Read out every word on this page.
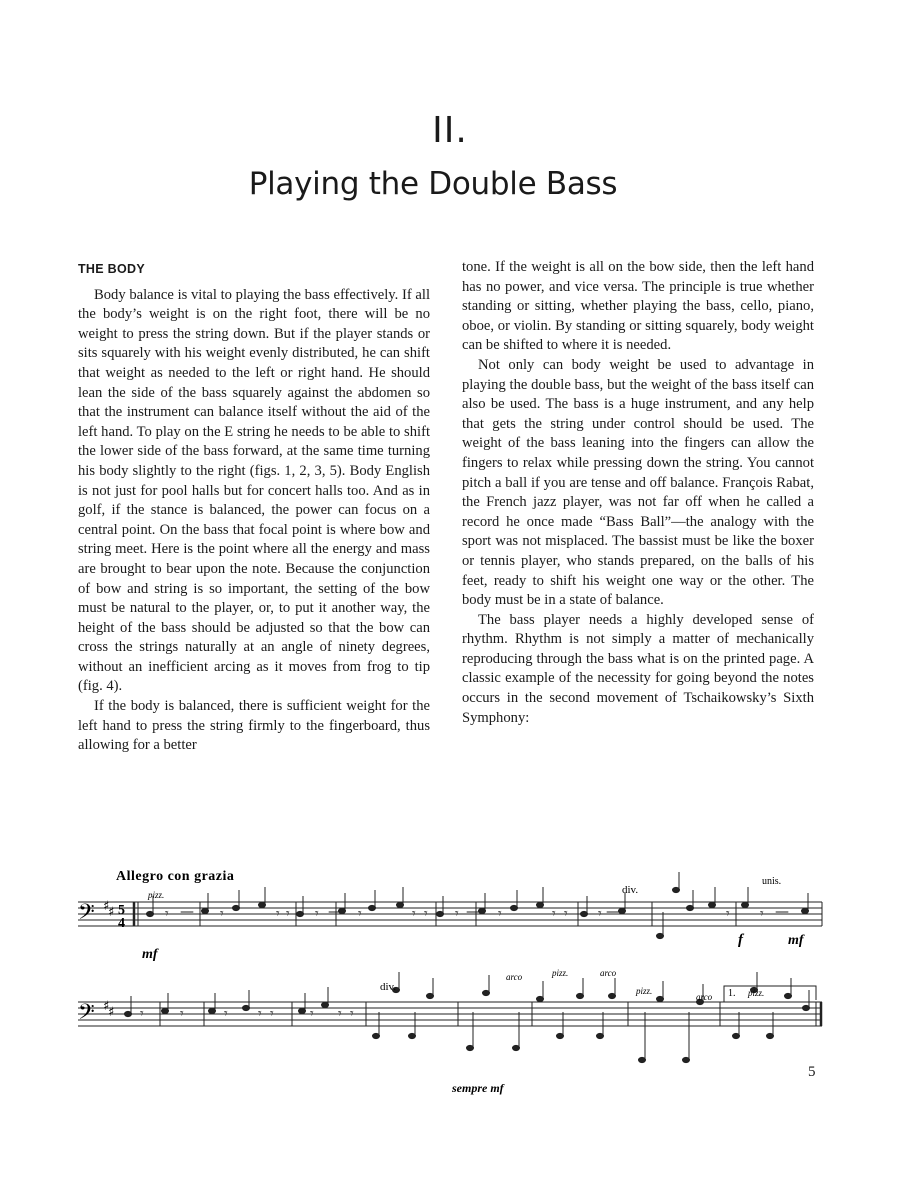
II.
Playing the Double Bass
THE BODY

Body balance is vital to playing the bass effectively. If all the body’s weight is on the right foot, there will be no weight to press the string down. But if the player stands or sits squarely with his weight evenly distributed, he can shift that weight as needed to the left or right hand. He should lean the side of the bass squarely against the abdomen so that the instrument can balance itself without the aid of the left hand. To play on the E string he needs to be able to shift the lower side of the bass forward, at the same time turning his body slightly to the right (figs. 1, 2, 3, 5). Body English is not just for pool halls but for concert halls too. And as in golf, if the stance is balanced, the power can focus on a central point. On the bass that focal point is where bow and string meet. Here is the point where all the energy and mass are brought to bear upon the note. Because the conjunction of bow and string is so important, the setting of the bow must be natural to the player, or, to put it another way, the height of the bass should be adjusted so that the bow can cross the strings naturally at an angle of ninety degrees, without an inefficient arcing as it moves from frog to tip (fig. 4).

If the body is balanced, there is sufficient weight for the left hand to press the string firmly to the fingerboard, thus allowing for a better

tone. If the weight is all on the bow side, then the left hand has no power, and vice versa. The principle is true whether standing or sitting, whether playing the bass, cello, piano, oboe, or violin. By standing or sitting squarely, body weight can be shifted to where it is needed.

Not only can body weight be used to advantage in playing the double bass, but the weight of the bass itself can also be used. The bass is a huge instrument, and any help that gets the string under control should be used. The weight of the bass leaning into the fingers can allow the fingers to relax while pressing down the string. You cannot pitch a ball if you are tense and off balance. François Rabat, the French jazz player, was not far off when he called a record he once made “Bass Ball”—the analogy with the sport was not misplaced. The bassist must be like the boxer or tennis player, who stands prepared, on the balls of his feet, ready to shift his weight one way or the other. The body must be in a state of balance.

The bass player needs a highly developed sense of rhythm. Rhythm is not simply a matter of mechanically reproducing through the bass what is on the printed page. A classic example of the necessity for going beyond the notes occurs in the second movement of Tschaikowsky’s Sixth Symphony:

Allegro con grazia
𝄢 ♯
♯ 5
4
pizz.
mf
𝄾 — 𝄾	𝄾 𝄾 𝄾 — 𝄾	𝄾 𝄾 𝄾 — 𝄾	𝄾 𝄾 𝄾 —	𝄾 𝄾 —
div.
unis.
f	mf
𝄢 ♯
♯ 𝄾	𝄾	𝄾 𝄾 𝄾	𝄾 𝄾 𝄾
div.
arco	pizz.	arco
pizz.
arco 1. pizz.
sempre mf
5
